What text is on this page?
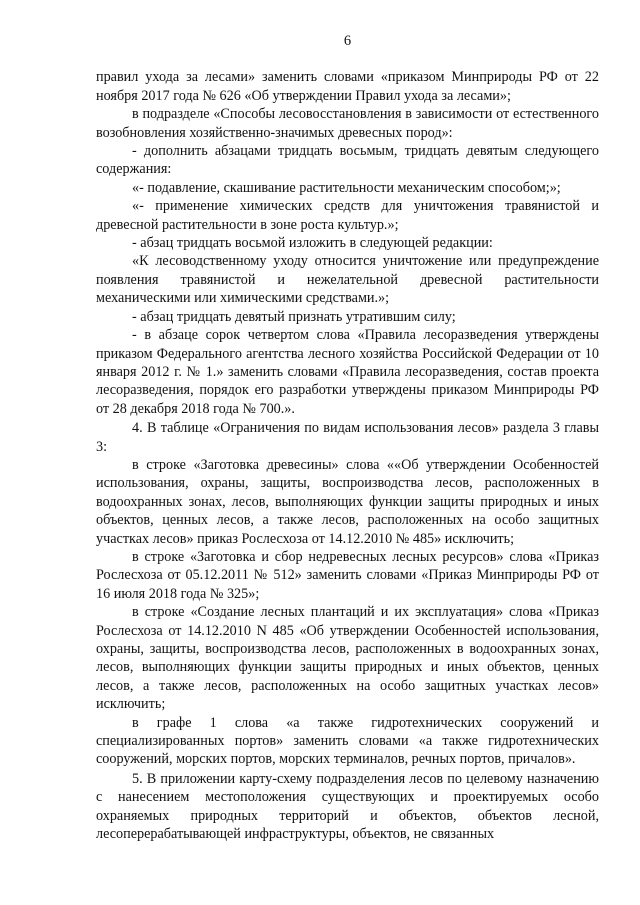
6

правил ухода за лесами» заменить словами «приказом Минприроды РФ от 22 ноября 2017 года № 626 «Об утверждении Правил ухода за лесами»;

в подразделе «Способы лесовосстановления в зависимости от естественного возобновления хозяйственно-значимых древесных пород»:

- дополнить абзацами тридцать восьмым, тридцать девятым следующего содержания:

«- подавление, скашивание растительности механическим способом;»;

«- применение химических средств для уничтожения травянистой и древесной растительности в зоне роста культур.»;

- абзац тридцать восьмой изложить в следующей редакции:

«К лесоводственному уходу относится уничтожение или предупреждение появления травянистой и нежелательной древесной растительности механическими или химическими средствами.»;

- абзац тридцать девятый признать утратившим силу;

- в абзаце сорок четвертом слова «Правила лесоразведения утверждены приказом Федерального агентства лесного хозяйства Российской Федерации от 10 января 2012 г. № 1.» заменить словами «Правила лесоразведения, состав проекта лесоразведения, порядок его разработки утверждены приказом Минприроды РФ от 28 декабря 2018 года № 700.».

4. В таблице «Ограничения по видам использования лесов» раздела 3 главы 3:

в строке «Заготовка древесины» слова ««Об утверждении Особенностей использования, охраны, защиты, воспроизводства лесов, расположенных в водоохранных зонах, лесов, выполняющих функции защиты природных и иных объектов, ценных лесов, а также лесов, расположенных на особо защитных участках лесов» приказ Рослесхоза от 14.12.2010 № 485» исключить;

в строке «Заготовка и сбор недревесных лесных ресурсов» слова «Приказ Рослесхоза от 05.12.2011 № 512» заменить словами «Приказ Минприроды РФ от 16 июля 2018 года № 325»;

в строке «Создание лесных плантаций и их эксплуатация» слова «Приказ Рослесхоза от 14.12.2010 N 485 «Об утверждении Особенностей использования, охраны, защиты, воспроизводства лесов, расположенных в водоохранных зонах, лесов, выполняющих функции защиты природных и иных объектов, ценных лесов, а также лесов, расположенных на особо защитных участках лесов» исключить;

в графе 1 слова «а также гидротехнических сооружений и специализированных портов» заменить словами «а также гидротехнических сооружений, морских портов, морских терминалов, речных портов, причалов».

5. В приложении карту-схему подразделения лесов по целевому назначению с нанесением местоположения существующих и проектируемых особо охраняемых природных территорий и объектов, объектов лесной, лесоперерабатывающей инфраструктуры, объектов, не связанных
